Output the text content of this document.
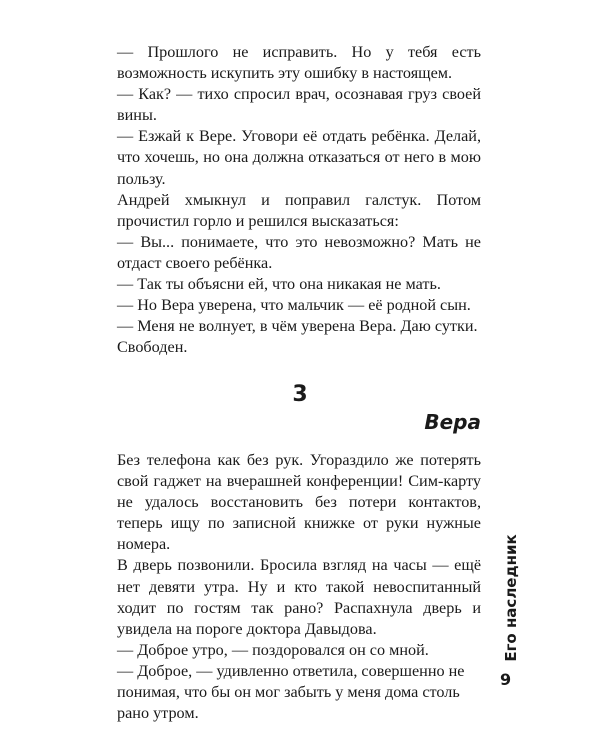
— Прошлого не исправить. Но у тебя есть возможность искупить эту ошибку в настоящем.

— Как? — тихо спросил врач, осознавая груз своей вины.

— Езжай к Вере. Уговори её отдать ребёнка. Делай, что хочешь, но она должна отказаться от него в мою пользу.

Андрей хмыкнул и поправил галстук. Потом прочистил горло и решился высказаться:

— Вы... понимаете, что это невозможно? Мать не отдаст своего ребёнка.

— Так ты объясни ей, что она никакая не мать.

— Но Вера уверена, что мальчик — её родной сын.

— Меня не волнует, в чём уверена Вера. Даю сутки. Свободен.

3
Вера

Без телефона как без рук. Угораздило же потерять свой гаджет на вчерашней конференции! Сим-карту не удалось восстановить без потери контактов, теперь ищу по записной книжке от руки нужные номера.

В дверь позвонили. Бросила взгляд на часы — ещё нет девяти утра. Ну и кто такой невоспитанный ходит по гостям так рано? Распахнула дверь и увидела на пороге доктора Давыдова.

— Доброе утро, — поздоровался он со мной.

— Доброе, — удивленно ответила, совершенно не понимая, что бы он мог забыть у меня дома столь рано утром.

Его наследник
9
